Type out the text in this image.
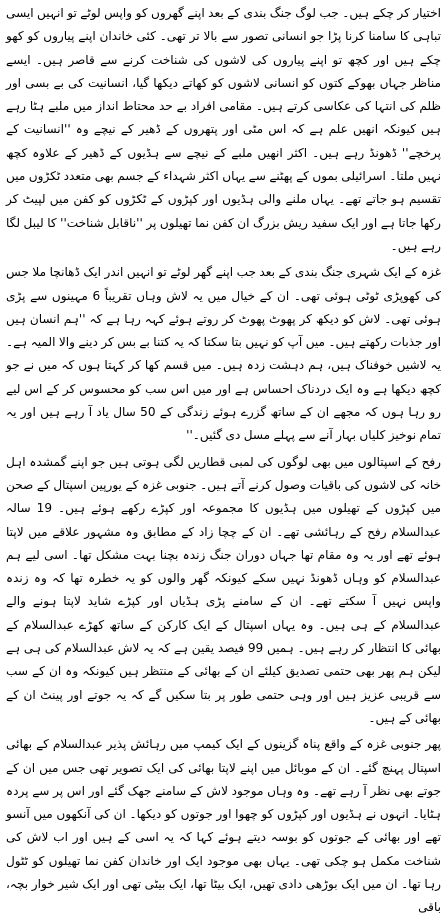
اختیار کر چکے ہیں۔ جب لوگ جنگ بندی کے بعد اپنے گھروں کو واپس لوٹے تو انہیں ایسی تباہی کا سامنا کرنا پڑا جو انسانی تصور سے بالا تر تھی۔ کئی خاندان اپنے پیاروں کو کھو چکے ہیں اور کچھ تو اپنے پیاروں کی لاشوں کی شناخت کرنے سے قاصر ہیں۔ ایسے مناظر جہاں بھوکے کتوں کو انسانی لاشوں کو کھاتے دیکھا گیا، انسانیت کی بے بسی اور ظلم کی انتہا کی عکاسی کرتے ہیں۔ مقامی افراد بے حد محتاط انداز میں ملبے ہٹا رہے ہیں کیونکہ انھیں علم ہے کہ اس مٹی اور پتھروں کے ڈھیر کے نیچے وہ ''انسانیت کے پرخچے'' ڈھونڈ رہے ہیں۔ اکثر انھیں ملبے کے نیچے سے ہڈیوں کے ڈھیر کے علاوہ کچھ نہیں ملتا۔ اسرائیلی بموں کے پھٹنے سے یہاں اکثر شہداء کے جسم بھی متعدد ٹکڑوں میں تقسیم ہو جاتے تھے۔ یہاں ملنے والی ہڈیوں اور کپڑوں کے ٹکڑوں کو کفن میں لپیٹ کر رکھا جاتا ہے اور ایک سفید ریش بزرگ ان کفن نما تھیلوں پر ''ناقابل شناخت'' کا لیبل لگا رہے ہیں۔

غزہ کے ایک شہری جنگ بندی کے بعد جب اپنے گھر لوٹے تو انہیں اندر ایک ڈھانچا ملا جس کی کھوپڑی ٹوٹی ہوئی تھی۔ ان کے خیال میں یہ لاش وہاں تقریباً 6 مہینوں سے پڑی ہوئی تھی۔ لاش کو دیکھ کر پھوٹ پھوٹ کر روتے ہوئے کہہ رہا ہے کہ ''ہم انسان ہیں اور جذبات رکھتے ہیں۔ میں آپ کو نہیں بتا سکتا کہ یہ کتنا بے بس کر دینے والا المیہ ہے۔ یہ لاشیں خوفناک ہیں، ہم دہشت زدہ ہیں۔ میں قسم کھا کر کہتا ہوں کہ میں نے جو کچھ دیکھا ہے وہ ایک دردناک احساس ہے اور میں اس سب کو محسوس کر کے اس لیے رو رہا ہوں کہ مجھے ان کے ساتھ گزرے ہوئے زندگی کے 50 سال یاد آ رہے ہیں اور یہ تمام نوخیز کلیاں بہار آنے سے پہلے مسل دی گئیں۔''

رفح کے اسپتالوں میں بھی لوگوں کی لمبی قطاریں لگی ہوتی ہیں جو اپنے گمشدہ اہل خانہ کی لاشوں کی باقیات وصول کرنے آتے ہیں۔ جنوبی غزہ کے یورپین اسپتال کے صحن میں کپڑوں کے تھیلوں میں ہڈیوں کا مجموعہ اور کپڑے رکھے ہوئے ہیں۔ 19 سالہ عبدالسلام رفح کے رہائشی تھے۔ ان کے چچا زاد کے مطابق وہ مشہور علاقے میں لاپتا ہوئے تھے اور یہ وہ مقام تھا جہاں دوران جنگ زندہ بچنا بہت مشکل تھا۔ اسی لیے ہم عبدالسلام کو وہاں ڈھونڈ نہیں سکے کیونکہ گھر والوں کو یہ خطرہ تھا کہ وہ زندہ واپس نہیں آ سکتے تھے۔ ان کے سامنے پڑی ہڈیاں اور کپڑے شاید لاپتا ہونے والے عبدالسلام کے ہی ہیں۔ وہ یہاں اسپتال کے ایک کارکن کے ساتھ کھڑے عبدالسلام کے بھائی کا انتظار کر رہے ہیں۔ ہمیں 99 فیصد یقین ہے کہ یہ لاش عبدالسلام کی ہی ہے لیکن ہم پھر بھی حتمی تصدیق کیلئے ان کے بھائی کے منتظر ہیں کیونکہ وہ ان کے سب سے قریبی عزیز ہیں اور وہی حتمی طور پر بتا سکیں گے کہ یہ جوتے اور پینٹ ان کے بھائی کے ہیں۔

پھر جنوبی غزہ کے واقع پناہ گزینوں کے ایک کیمپ میں رہائش پذیر عبدالسلام کے بھائی اسپتال پہنچ گئے۔ ان کے موبائل میں اپنے لاپتا بھائی کی ایک تصویر تھی جس میں ان کے جوتے بھی نظر آ رہے تھے۔ وہ وہاں موجود لاش کے سامنے جھک گئے اور اس پر سے پردہ ہٹایا۔ انہوں نے ہڈیوں اور کپڑوں کو چھوا اور جوتوں کو دیکھا۔ ان کی آنکھوں میں آنسو تھے اور بھائی کے جوتوں کو بوسہ دیتے ہوئے کہا کہ یہ اسی کے ہیں اور اب لاش کی شناخت مکمل ہو چکی تھی۔ یہاں بھی موجود ایک اور خاندان کفن نما تھیلوں کو ٹٹول رہا تھا۔ ان میں ایک بوڑھی دادی تھیں، ایک بیٹا تھا، ایک بیٹی تھی اور ایک شیر خوار بچہ، باقی
